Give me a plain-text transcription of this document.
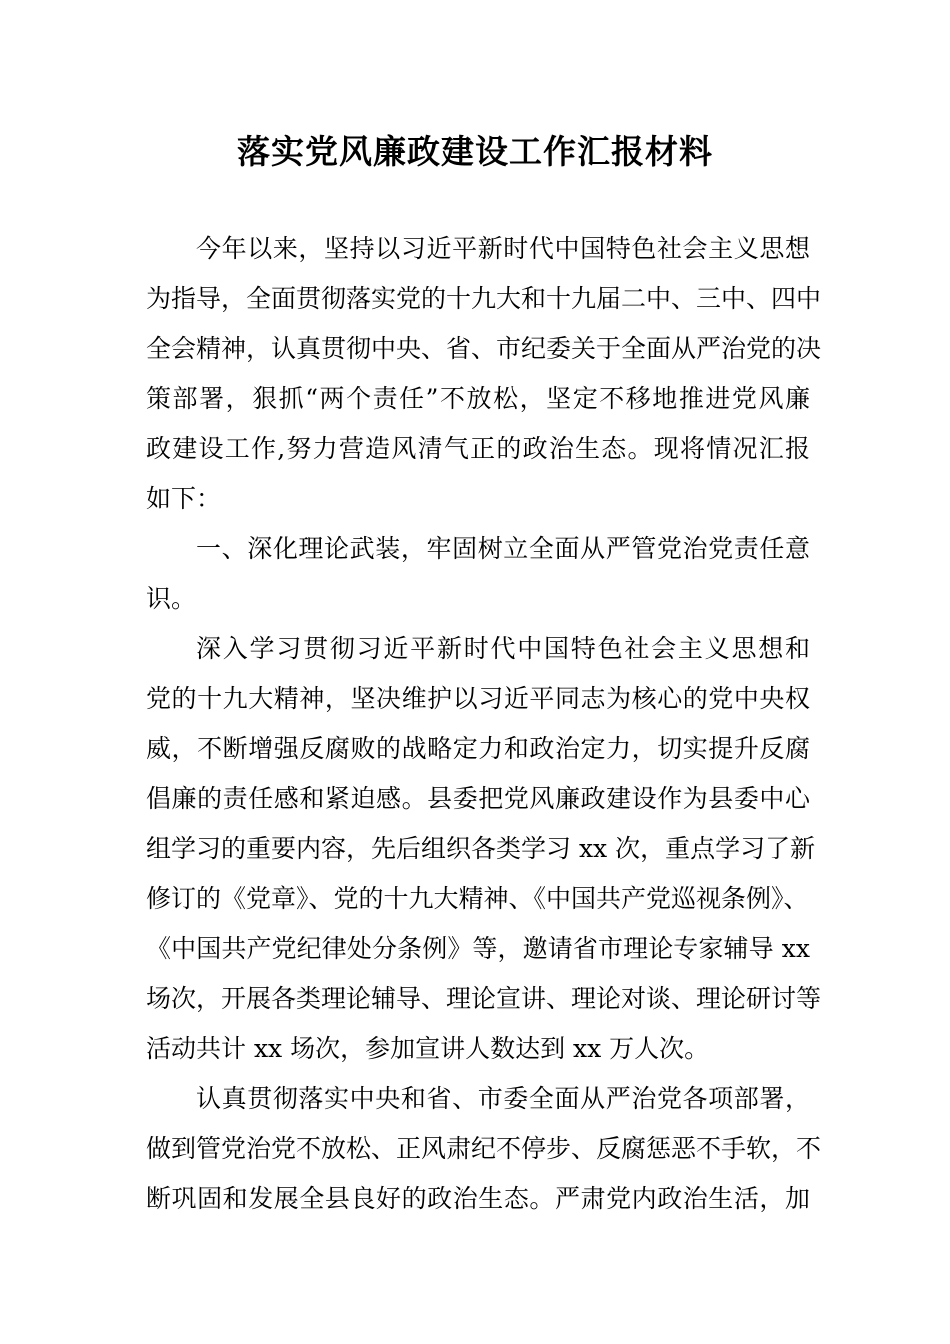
落实党风廉政建设工作汇报材料
今年以来，坚持以习近平新时代中国特色社会主义思想
为指导，全面贯彻落实党的十九大和十九届二中、三中、四中
全会精神，认真贯彻中央、省、市纪委关于全面从严治党的决
策部署，狠抓“两个责任”不放松，坚定不移地推进党风廉
政建设工作,努力营造风清气正的政治生态。现将情况汇报
如下：
一、深化理论武装，牢固树立全面从严管党治党责任意
识。
深入学习贯彻习近平新时代中国特色社会主义思想和
党的十九大精神，坚决维护以习近平同志为核心的党中央权
威，不断增强反腐败的战略定力和政治定力，切实提升反腐
倡廉的责任感和紧迫感。县委把党风廉政建设作为县委中心
组学习的重要内容，先后组织各类学习 xx 次，重点学习了新
修订的《党章》、党的十九大精神、《中国共产党巡视条例》、
《中国共产党纪律处分条例》等，邀请省市理论专家辅导 xx
场次，开展各类理论辅导、理论宣讲、理论对谈、理论研讨等
活动共计 xx 场次，参加宣讲人数达到 xx 万人次。
认真贯彻落实中央和省、市委全面从严治党各项部署，
做到管党治党不放松、正风肃纪不停步、反腐惩恶不手软，不
断巩固和发展全县良好的政治生态。严肃党内政治生活，加
